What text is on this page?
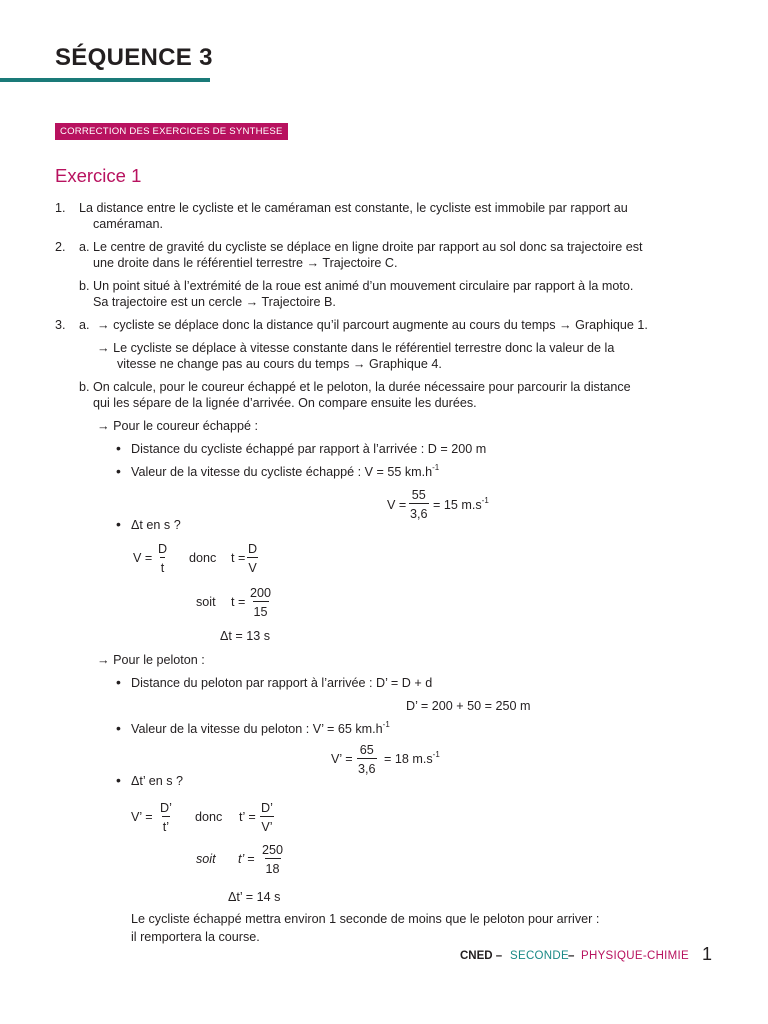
SÉQUENCE 3
CORRECTION DES EXERCICES DE SYNTHESE
Exercice 1
1. La distance entre le cycliste et le caméraman est constante, le cycliste est immobile par rapport au
caméraman.
2. a. Le centre de gravité du cycliste se déplace en ligne droite par rapport au sol donc sa trajectoire est
une droite dans le référentiel terrestre → Trajectoire C.
b. Un point situé à l’extrémité de la roue est animé d’un mouvement circulaire par rapport à la moto.
Sa trajectoire est un cercle → Trajectoire B.
3. a. → cycliste se déplace donc la distance qu’il parcourt augmente au cours du temps → Graphique 1.
→ Le cycliste se déplace à vitesse constante dans le référentiel terrestre donc la valeur de la
vitesse ne change pas au cours du temps → Graphique 4.
b. On calcule, pour le coureur échappé et le peloton, la durée nécessaire pour parcourir la distance
qui les sépare de la lignée d’arrivée. On compare ensuite les durées.
→ Pour le coureur échappé :
• Distance du cycliste échappé par rapport à l’arrivée : D = 200 m
• Valeur de la vitesse du cycliste échappé : V = 55 $km.h^{-1}$
$V = \frac{55}{3,6} = 15$ $m.s^{-1}$
• Δt en s ?
$V = \frac{D}{t}$ donc $t = \frac{D}{V}$
soit $t = \frac{200}{15}$
Δt = 13 s
→ Pour le peloton :
• Distance du peloton par rapport à l’arrivée : D’ = D + d
D’ = 200 + 50 = 250 m
• Valeur de la vitesse du peloton : V’ = 65 $km.h^{-1}$
V’ = $\frac{65}{3,6} = 18$ $m.s^{-1}$
• Δt’ en s ?
V’ = $\frac{D’}{t’}$ donc t’ = $\frac{D’}{V’}$
soit t’ = $\frac{250}{18}$
Δt’ = 14 s
Le cycliste échappé mettra environ 1 seconde de moins que le peloton pour arriver :
il remportera la course.
CNED – SECONDE – PHYSIQUE-CHIMIE 1
